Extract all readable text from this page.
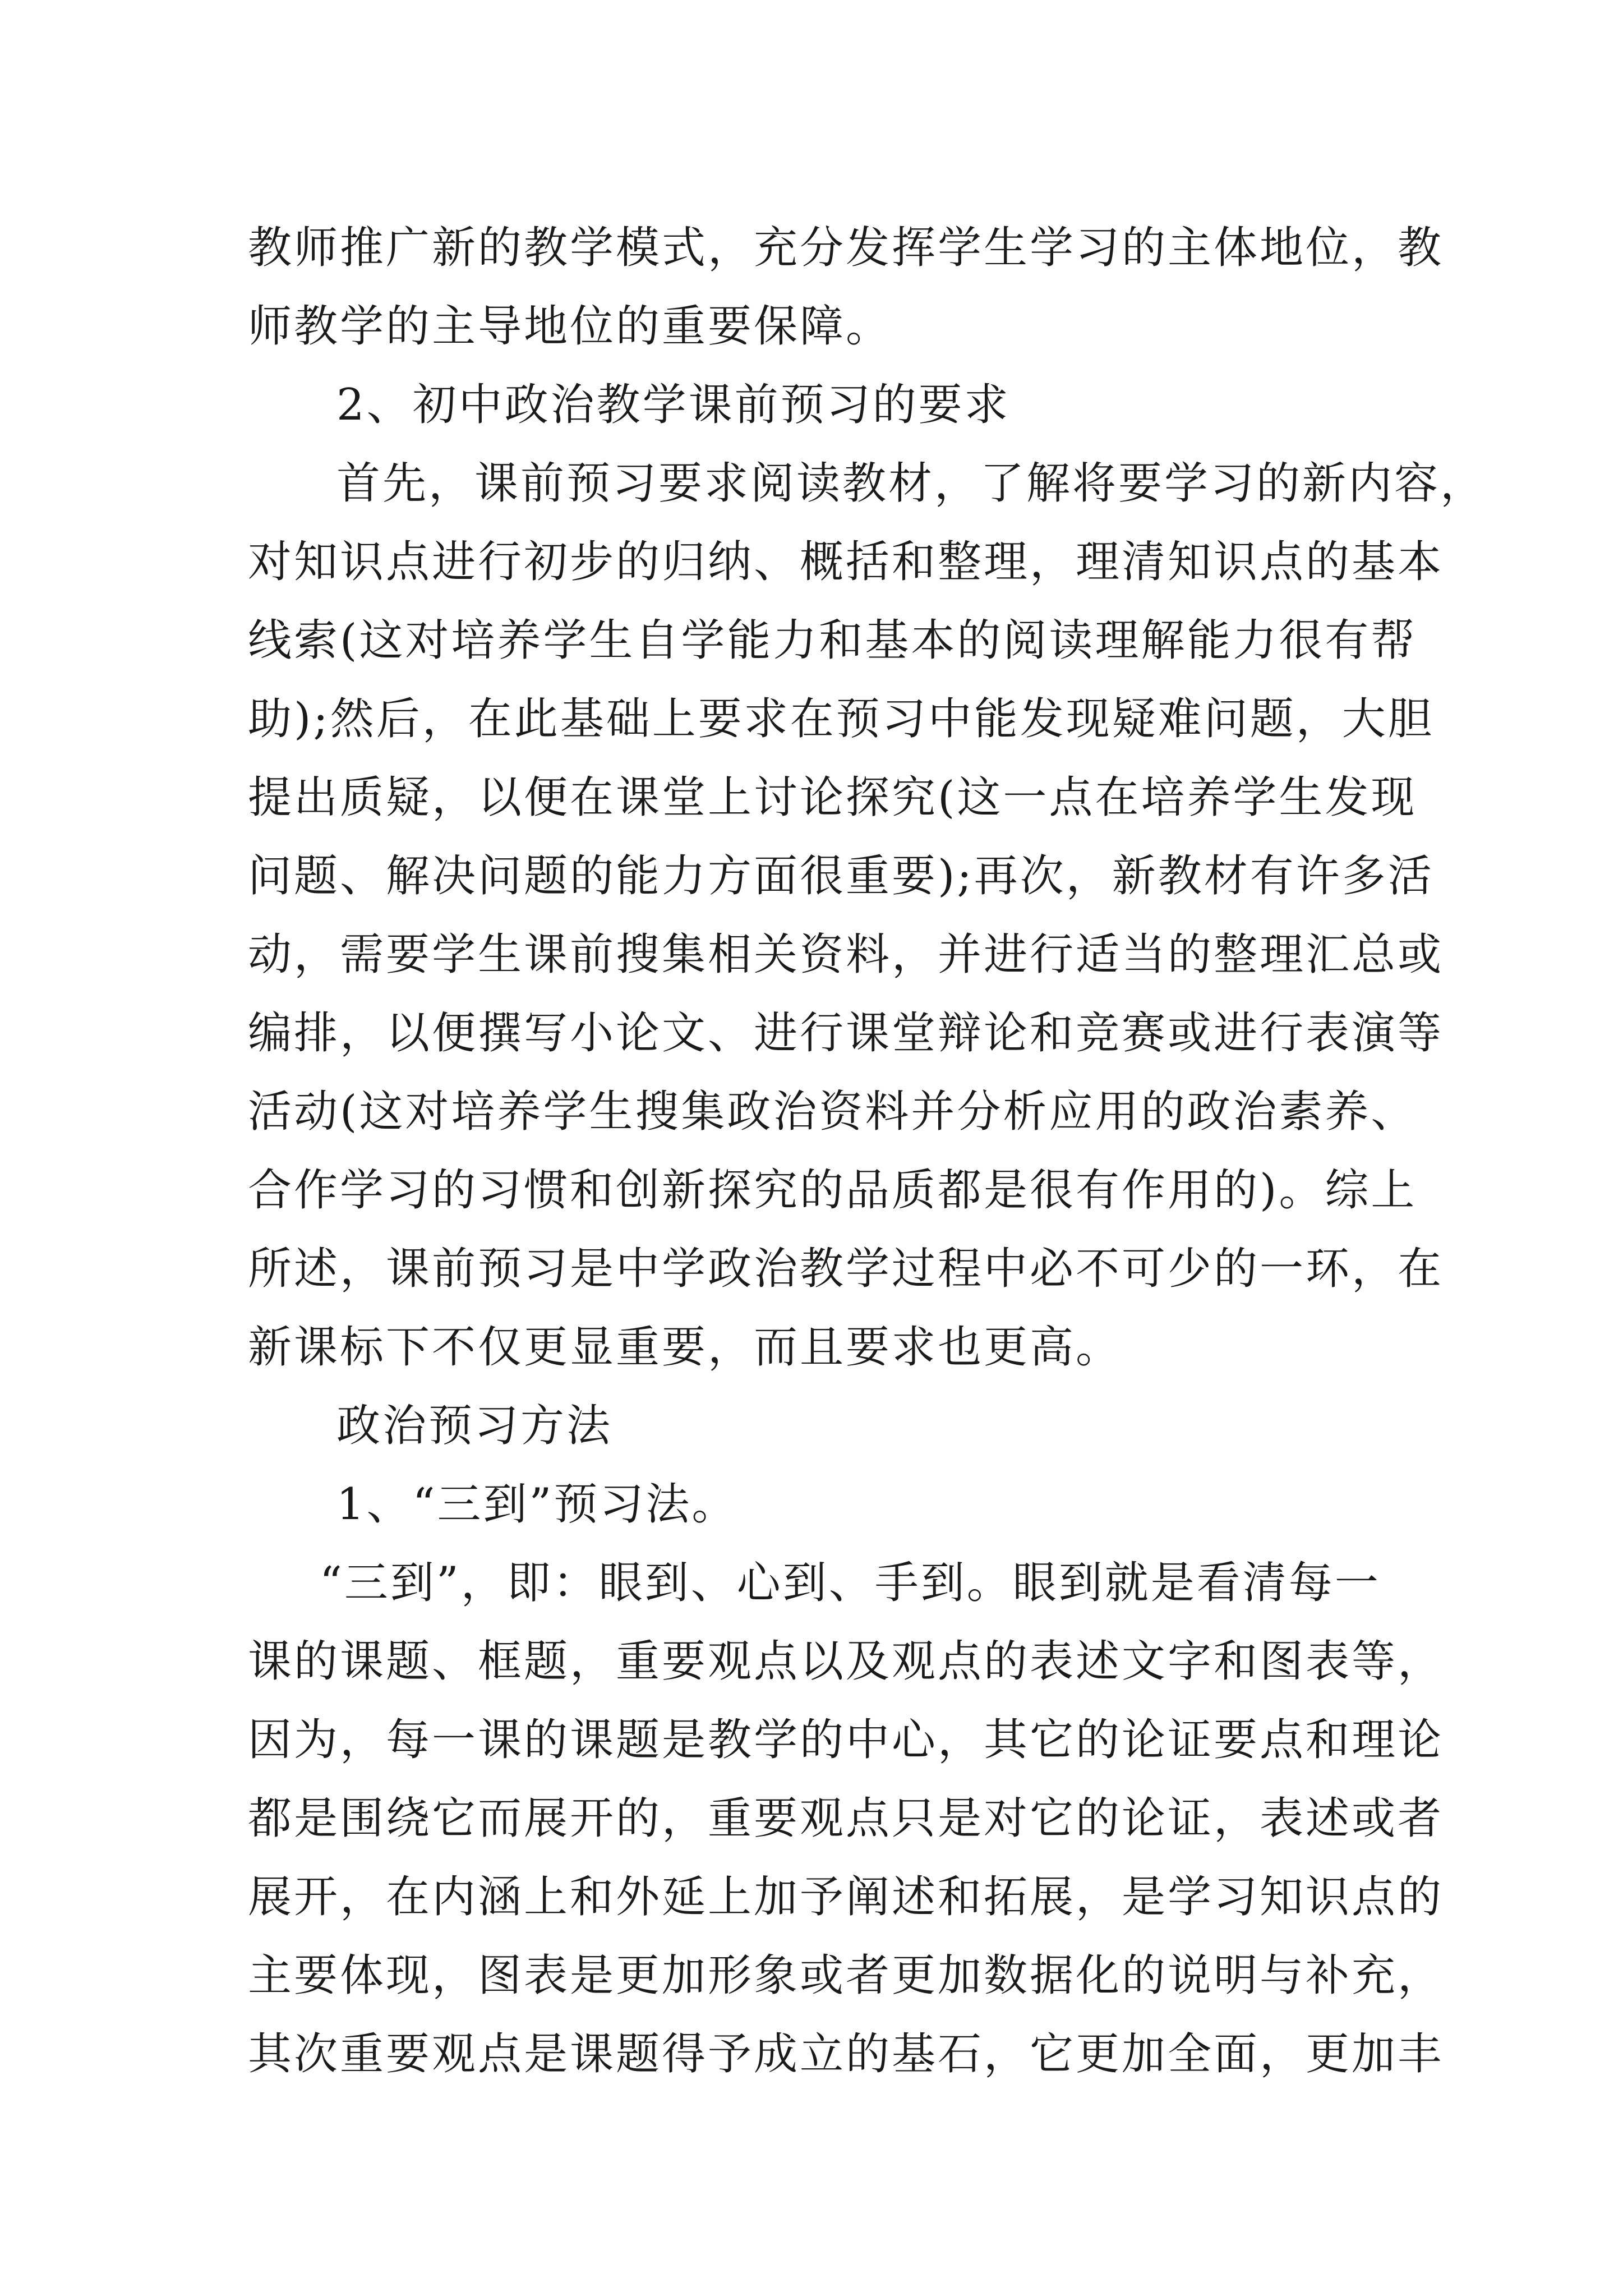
教师推广新的教学模式，充分发挥学生学习的主体地位，教
师教学的主导地位的重要保障。
2、初中政治教学课前预习的要求
首先，课前预习要求阅读教材，了解将要学习的新内容，
对知识点进行初步的归纳、概括和整理，理清知识点的基本
线索(这对培养学生自学能力和基本的阅读理解能力很有帮
助);然后，在此基础上要求在预习中能发现疑难问题，大胆
提出质疑，以便在课堂上讨论探究(这一点在培养学生发现
问题、解决问题的能力方面很重要);再次，新教材有许多活
动，需要学生课前搜集相关资料，并进行适当的整理汇总或
编排，以便撰写小论文、进行课堂辩论和竞赛或进行表演等
活动(这对培养学生搜集政治资料并分析应用的政治素养、
合作学习的习惯和创新探究的品质都是很有作用的)。综上
所述，课前预习是中学政治教学过程中必不可少的一环，在
新课标下不仅更显重要，而且要求也更高。
政治预习方法
1、“三到”预习法。
“三到”，即：眼到、心到、手到。眼到就是看清每一
课的课题、框题，重要观点以及观点的表述文字和图表等，
因为，每一课的课题是教学的中心，其它的论证要点和理论
都是围绕它而展开的，重要观点只是对它的论证，表述或者
展开，在内涵上和外延上加予阐述和拓展，是学习知识点的
主要体现，图表是更加形象或者更加数据化的说明与补充，
其次重要观点是课题得予成立的基石，它更加全面，更加丰
